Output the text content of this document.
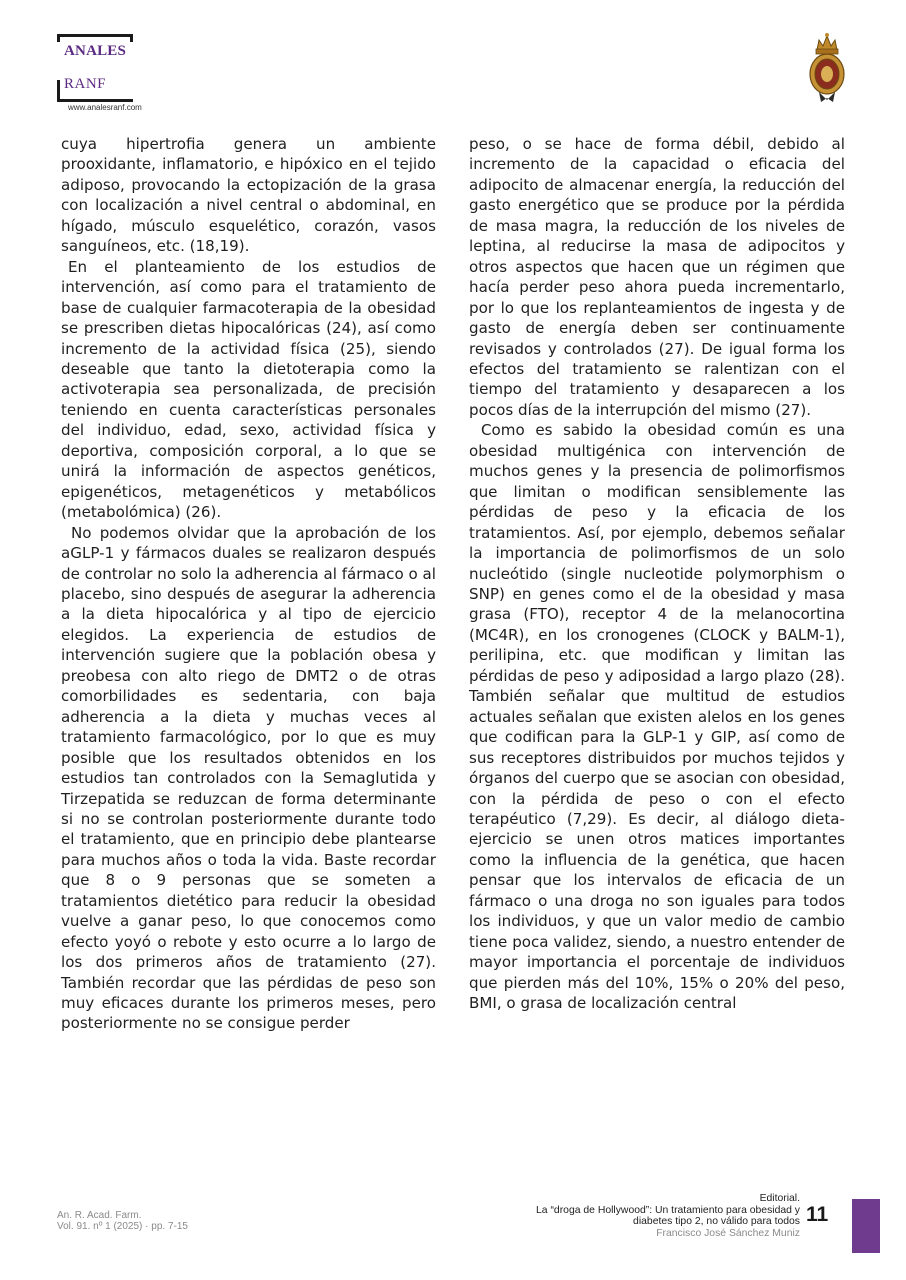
ANALES
RANF
www.analesranf.com

cuya hipertrofia genera un ambiente prooxidante, inflamatorio, e hipóxico en el tejido adiposo, provocando la ectopización de la grasa con localización a nivel central o abdominal, en hígado, músculo esquelético, corazón, vasos sanguíneos, etc. (18,19).

En el planteamiento de los estudios de intervención, así como para el tratamiento de base de cualquier farmacoterapia de la obesidad se prescriben dietas hipocalóricas (24), así como incremento de la actividad física (25), siendo deseable que tanto la dietoterapia como la activoterapia sea personalizada, de precisión teniendo en cuenta características personales del individuo, edad, sexo, actividad física y deportiva, composición corporal, a lo que se unirá la información de aspectos genéticos, epigenéticos, metagenéticos y metabólicos (metabolómica) (26).

No podemos olvidar que la aprobación de los aGLP-1 y fármacos duales se realizaron después de controlar no solo la adherencia al fármaco o al placebo, sino después de asegurar la adherencia a la dieta hipocalórica y al tipo de ejercicio elegidos. La experiencia de estudios de intervención sugiere que la población obesa y preobesa con alto riego de DMT2 o de otras comorbilidades es sedentaria, con baja adherencia a la dieta y muchas veces al tratamiento farmacológico, por lo que es muy posible que los resultados obtenidos en los estudios tan controlados con la Semaglutida y Tirzepatida se reduzcan de forma determinante si no se controlan posteriormente durante todo el tratamiento, que en principio debe plantearse para muchos años o toda la vida. Baste recordar que 8 o 9 personas que se someten a tratamientos dietético para reducir la obesidad vuelve a ganar peso, lo que conocemos como efecto yoyó o rebote y esto ocurre a lo largo de los dos primeros años de tratamiento (27). También recordar que las pérdidas de peso son muy eficaces durante los primeros meses, pero posteriormente no se consigue perder

peso, o se hace de forma débil, debido al incremento de la capacidad o eficacia del adipocito de almacenar energía, la reducción del gasto energético que se produce por la pérdida de masa magra, la reducción de los niveles de leptina, al reducirse la masa de adipocitos y otros aspectos que hacen que un régimen que hacía perder peso ahora pueda incrementarlo, por lo que los replanteamientos de ingesta y de gasto de energía deben ser continuamente revisados y controlados (27). De igual forma los efectos del tratamiento se ralentizan con el tiempo del tratamiento y desaparecen a los pocos días de la interrupción del mismo (27).

Como es sabido la obesidad común es una obesidad multigénica con intervención de muchos genes y la presencia de polimorfismos que limitan o modifican sensiblemente las pérdidas de peso y la eficacia de los tratamientos. Así, por ejemplo, debemos señalar la importancia de polimorfismos de un solo nucleótido (single nucleotide polymorphism o SNP) en genes como el de la obesidad y masa grasa (FTO), receptor 4 de la melanocortina (MC4R), en los cronogenes (CLOCK y BALM-1), perilipina, etc. que modifican y limitan las pérdidas de peso y adiposidad a largo plazo (28). También señalar que multitud de estudios actuales señalan que existen alelos en los genes que codifican para la GLP-1 y GIP, así como de sus receptores distribuidos por muchos tejidos y órganos del cuerpo que se asocian con obesidad, con la pérdida de peso o con el efecto terapéutico (7,29). Es decir, al diálogo dieta-ejercicio se unen otros matices importantes como la influencia de la genética, que hacen pensar que los intervalos de eficacia de un fármaco o una droga no son iguales para todos los individuos, y que un valor medio de cambio tiene poca validez, siendo, a nuestro entender de mayor importancia el porcentaje de individuos que pierden más del 10%, 15% o 20% del peso, BMI, o grasa de localización central

An. R. Acad. Farm.
Vol. 91. nº 1 (2025) · pp. 7-15
Editorial.
La “droga de Hollywood”: Un tratamiento para obesidad y
diabetes tipo 2, no válido para todos
Francisco José Sánchez Muniz
11
